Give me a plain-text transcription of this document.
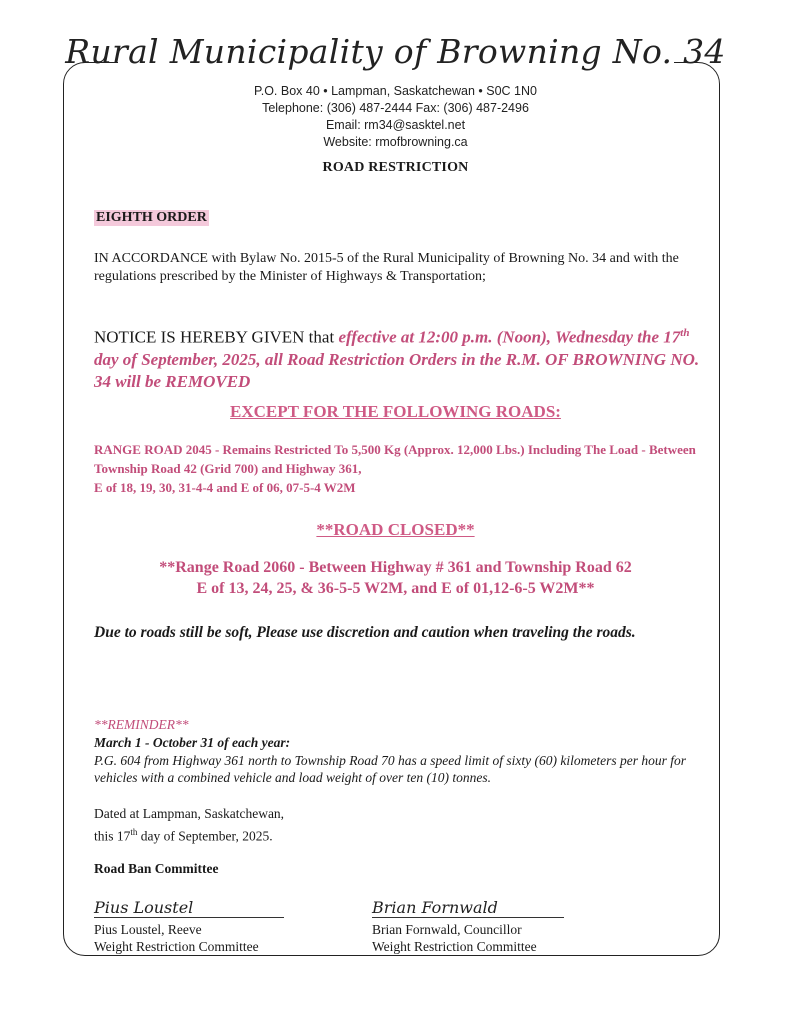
Rural Municipality of Browning No. 34
P.O. Box 40 • Lampman, Saskatchewan • S0C 1N0
Telephone: (306) 487-2444 Fax: (306) 487-2496
Email: rm34@sasktel.net
Website: rmofbrowning.ca
ROAD RESTRICTION
EIGHTH ORDER
IN ACCORDANCE with Bylaw No. 2015-5 of the Rural Municipality of Browning No. 34 and with the regulations prescribed by the Minister of Highways & Transportation;
NOTICE IS HEREBY GIVEN that effective at 12:00 p.m. (Noon), Wednesday the 17th day of September, 2025, all Road Restriction Orders in the R.M. OF BROWNING NO. 34 will be REMOVED
EXCEPT FOR THE FOLLOWING ROADS:
RANGE ROAD 2045 - Remains Restricted To 5,500 Kg (Approx. 12,000 Lbs.) Including The Load - Between Township Road 42 (Grid 700) and Highway 361,
E of 18, 19, 30, 31-4-4 and E of 06, 07-5-4 W2M
**ROAD CLOSED**
**Range Road 2060 - Between Highway # 361 and Township Road 62
E of 13, 24, 25, & 36-5-5 W2M, and E of 01,12-6-5 W2M**
Due to roads still be soft, Please use discretion and caution when traveling the roads.
**REMINDER**
March 1 - October 31 of each year:
P.G. 604 from Highway 361 north to Township Road 70 has a speed limit of sixty (60) kilometers per hour for vehicles with a combined vehicle and load weight of over ten (10) tonnes.
Dated at Lampman, Saskatchewan,
this 17th day of September, 2025.
Road Ban Committee
Pius Loustel
Pius Loustel, Reeve
Weight Restriction Committee
Brian Fornwald
Brian Fornwald, Councillor
Weight Restriction Committee
